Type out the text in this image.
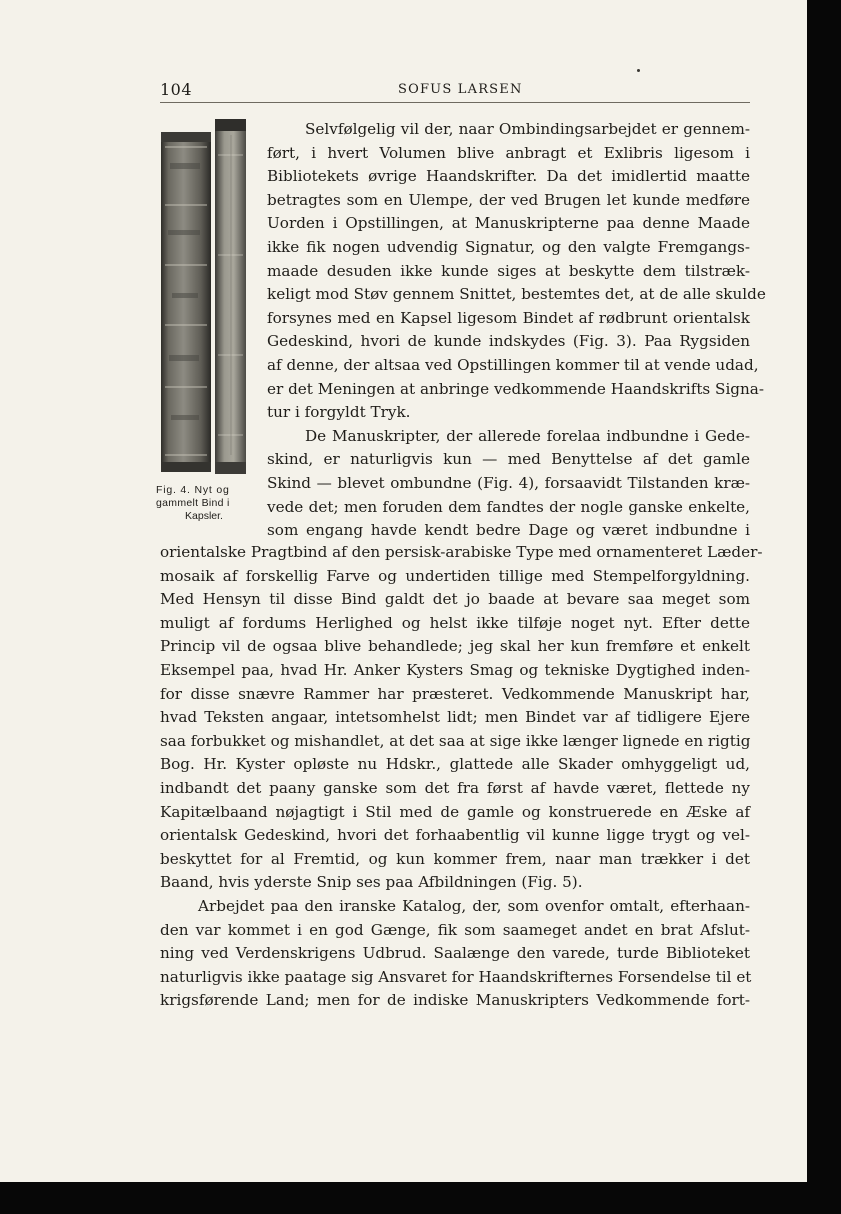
104	SOFUS LARSEN
Fig. 4. Nyt og
gammelt Bind i
Kapsler.
Selvfølgelig vil der, naar Ombindingsarbejdet er gennem-
ført, i hvert Volumen blive anbragt et Exlibris ligesom i
Bibliotekets øvrige Haandskrifter. Da det imidlertid maatte
betragtes som en Ulempe, der ved Brugen let kunde medføre
Uorden i Opstillingen, at Manuskripterne paa denne Maade
ikke fik nogen udvendig Signatur, og den valgte Fremgangs-
maade desuden ikke kunde siges at beskytte dem tilstræk-
keligt mod Støv gennem Snittet, bestemtes det, at de alle skulde
forsynes med en Kapsel ligesom Bindet af rødbrunt orientalsk
Gedeskind, hvori de kunde indskydes (Fig. 3). Paa Rygsiden
af denne, der altsaa ved Opstillingen kommer til at vende udad,
er det Meningen at anbringe vedkommende Haandskrifts Signa-
tur i forgyldt Tryk.
De Manuskripter, der allerede forelaa indbundne i Gede-
skind, er naturligvis kun — med Benyttelse af det gamle
Skind — blevet ombundne (Fig. 4), forsaavidt Tilstanden kræ-
vede det; men foruden dem fandtes der nogle ganske enkelte,
som engang havde kendt bedre Dage og været indbundne i
orientalske Pragtbind af den persisk-arabiske Type med ornamenteret Læder-
mosaik af forskellig Farve og undertiden tillige med Stempelforgyldning.
Med Hensyn til disse Bind galdt det jo baade at bevare saa meget som
muligt af fordums Herlighed og helst ikke tilføje noget nyt. Efter dette
Princip vil de ogsaa blive behandlede; jeg skal her kun fremføre et enkelt
Eksempel paa, hvad Hr. Anker Kysters Smag og tekniske Dygtighed inden-
for disse snævre Rammer har præsteret. Vedkommende Manuskript har,
hvad Teksten angaar, intetsomhelst lidt; men Bindet var af tidligere Ejere
saa forbukket og mishandlet, at det saa at sige ikke længer lignede en rigtig
Bog. Hr. Kyster opløste nu Hdskr., glattede alle Skader omhyggeligt ud,
indbandt det paany ganske som det fra først af havde været, flettede ny
Kapitælbaand nøjagtigt i Stil med de gamle og konstruerede en Æske af
orientalsk Gedeskind, hvori det forhaabentlig vil kunne ligge trygt og vel-
beskyttet for al Fremtid, og kun kommer frem, naar man trækker i det
Baand, hvis yderste Snip ses paa Afbildningen (Fig. 5).
Arbejdet paa den iranske Katalog, der, som ovenfor omtalt, efterhaan-
den var kommet i en god Gænge, fik som saameget andet en brat Afslut-
ning ved Verdenskrigens Udbrud. Saalænge den varede, turde Biblioteket
naturligvis ikke paatage sig Ansvaret for Haandskrifternes Forsendelse til et
krigsførende Land; men for de indiske Manuskripters Vedkommende fort-
